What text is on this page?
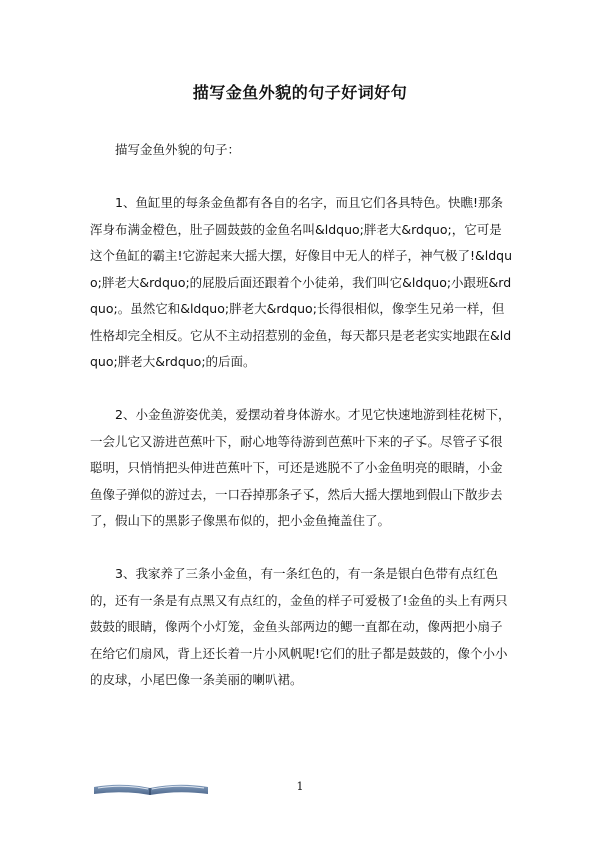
描写金鱼外貌的句子好词好句

描写金鱼外貌的句子：

1、鱼缸里的每条金鱼都有各自的名字，而且它们各具特色。快瞧!那条浑身布满金橙色，肚子圆鼓鼓的金鱼名叫&ldquo;胖老大&rdquo;，它可是这个鱼缸的霸主!它游起来大摇大摆，好像目中无人的样子，神气极了!&ldquo;胖老大&rdquo;的屁股后面还跟着个小徒弟，我们叫它&ldquo;小跟班&rdquo;。虽然它和&ldquo;胖老大&rdquo;长得很相似，像孪生兄弟一样，但性格却完全相反。它从不主动招惹别的金鱼，每天都只是老老实实地跟在&ldquo;胖老大&rdquo;的后面。

2、小金鱼游姿优美，爱摆动着身体游水。才见它快速地游到桂花树下，一会儿它又游进芭蕉叶下，耐心地等待游到芭蕉叶下来的孑孓。尽管孑孓很聪明，只悄悄把头伸进芭蕉叶下，可还是逃脱不了小金鱼明亮的眼睛，小金鱼像子弹似的游过去，一口吞掉那条孑孓，然后大摇大摆地到假山下散步去了，假山下的黑影子像黑布似的，把小金鱼掩盖住了。

3、我家养了三条小金鱼，有一条红色的，有一条是银白色带有点红色的，还有一条是有点黑又有点红的，金鱼的样子可爱极了!金鱼的头上有两只鼓鼓的眼睛，像两个小灯笼，金鱼头部两边的鳃一直都在动，像两把小扇子在给它们扇风，背上还长着一片小风帆呢!它们的肚子都是鼓鼓的，像个小小的皮球，小尾巴像一条美丽的喇叭裙。

1
